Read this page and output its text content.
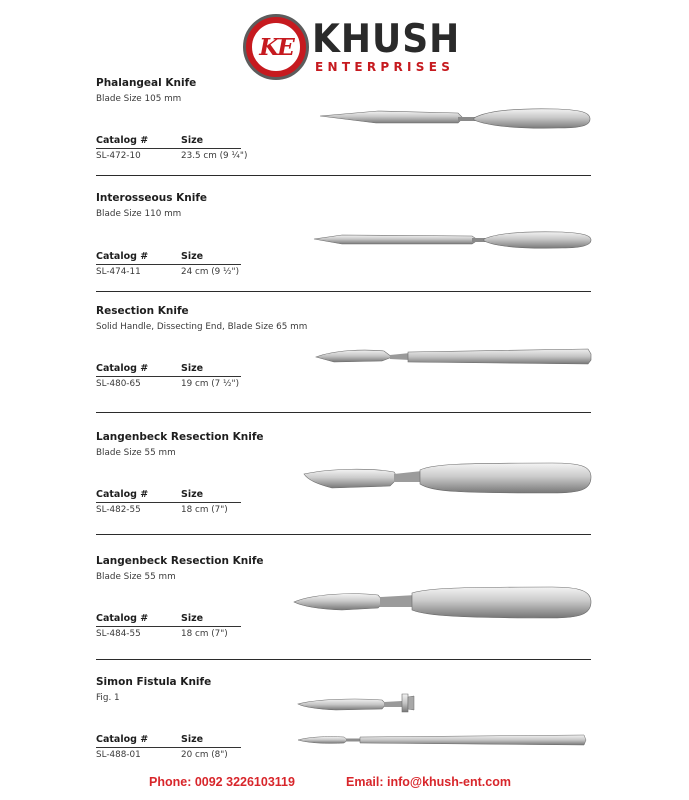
KE KHUSH
ENTERPRISES
Phalangeal Knife
Blade Size 105 mm
Catalog #	Size
SL-472-10	23.5 cm (9 ¼")
Interosseous Knife
Blade Size 110 mm
Catalog #	Size
SL-474-11	24 cm (9 ½")
Resection Knife
Solid Handle, Dissecting End, Blade Size 65 mm
Catalog #	Size
SL-480-65	19 cm (7 ½")
Langenbeck Resection Knife
Blade Size 55 mm
Catalog #	Size
SL-482-55	18 cm (7")
Langenbeck Resection Knife
Blade Size 55 mm
Catalog #	Size
SL-484-55	18 cm (7")
Simon Fistula Knife
Fig. 1
Catalog #	Size
SL-488-01	20 cm (8")
Phone: 0092 3226103119	Email: info@khush-ent.com
